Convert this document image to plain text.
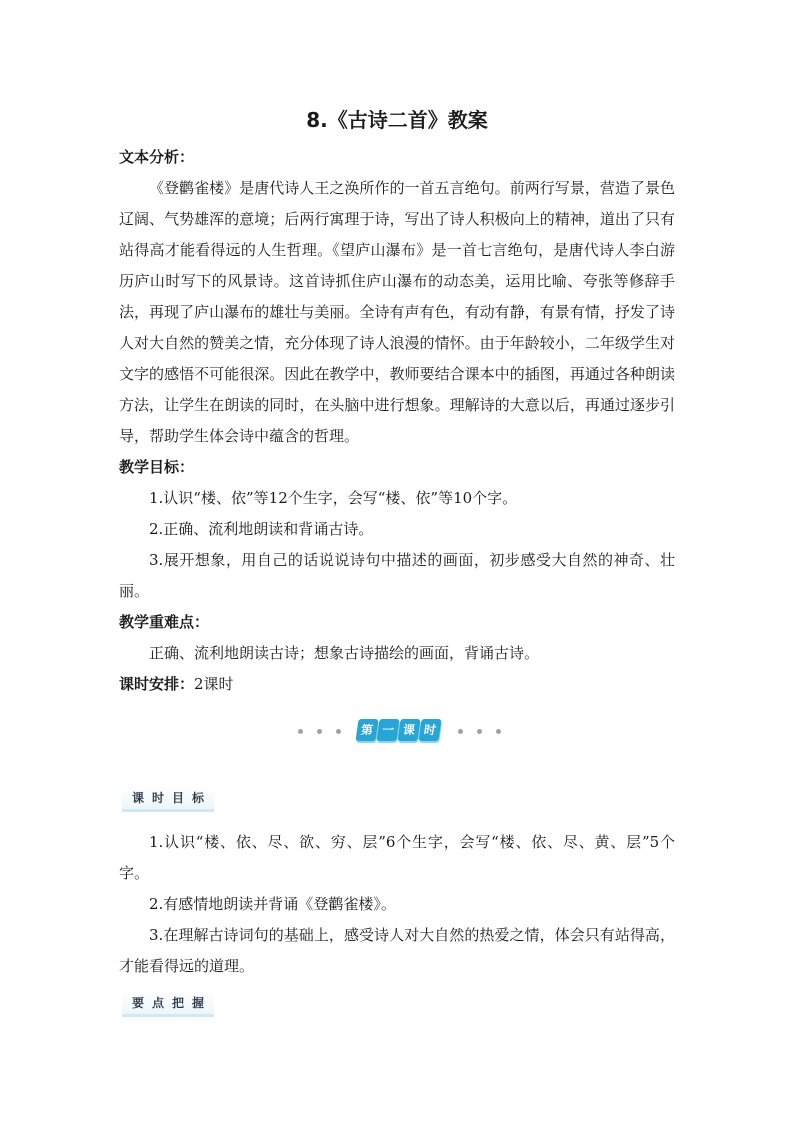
8.《古诗二首》教案

文本分析：

《登鹳雀楼》是唐代诗人王之涣所作的一首五言绝句。前两行写景，营造了景色辽阔、气势雄浑的意境；后两行寓理于诗，写出了诗人积极向上的精神，道出了只有站得高才能看得远的人生哲理。《望庐山瀑布》是一首七言绝句，是唐代诗人李白游历庐山时写下的风景诗。这首诗抓住庐山瀑布的动态美，运用比喻、夸张等修辞手法，再现了庐山瀑布的雄壮与美丽。全诗有声有色，有动有静，有景有情，抒发了诗人对大自然的赞美之情，充分体现了诗人浪漫的情怀。由于年龄较小，二年级学生对文字的感悟不可能很深。因此在教学中，教师要结合课本中的插图，再通过各种朗读方法，让学生在朗读的同时，在头脑中进行想象。理解诗的大意以后，再通过逐步引导，帮助学生体会诗中蕴含的哲理。

教学目标：

1.认识“楼、依”等12个生字，会写“楼、依”等10个字。

2.正确、流利地朗读和背诵古诗。

3.展开想象，用自己的话说说诗句中描述的画面，初步感受大自然的神奇、壮丽。

教学重难点：

正确、流利地朗读古诗；想象古诗描绘的画面，背诵古诗。

课时安排：2课时

第 一 课 时
课 时 目 标

1.认识“楼、依、尽、欲、穷、层”6个生字，会写“楼、依、尽、黄、层”5个字。

2.有感情地朗读并背诵《登鹳雀楼》。

3.在理解古诗词句的基础上，感受诗人对大自然的热爱之情，体会只有站得高，才能看得远的道理。

要 点 把 握
